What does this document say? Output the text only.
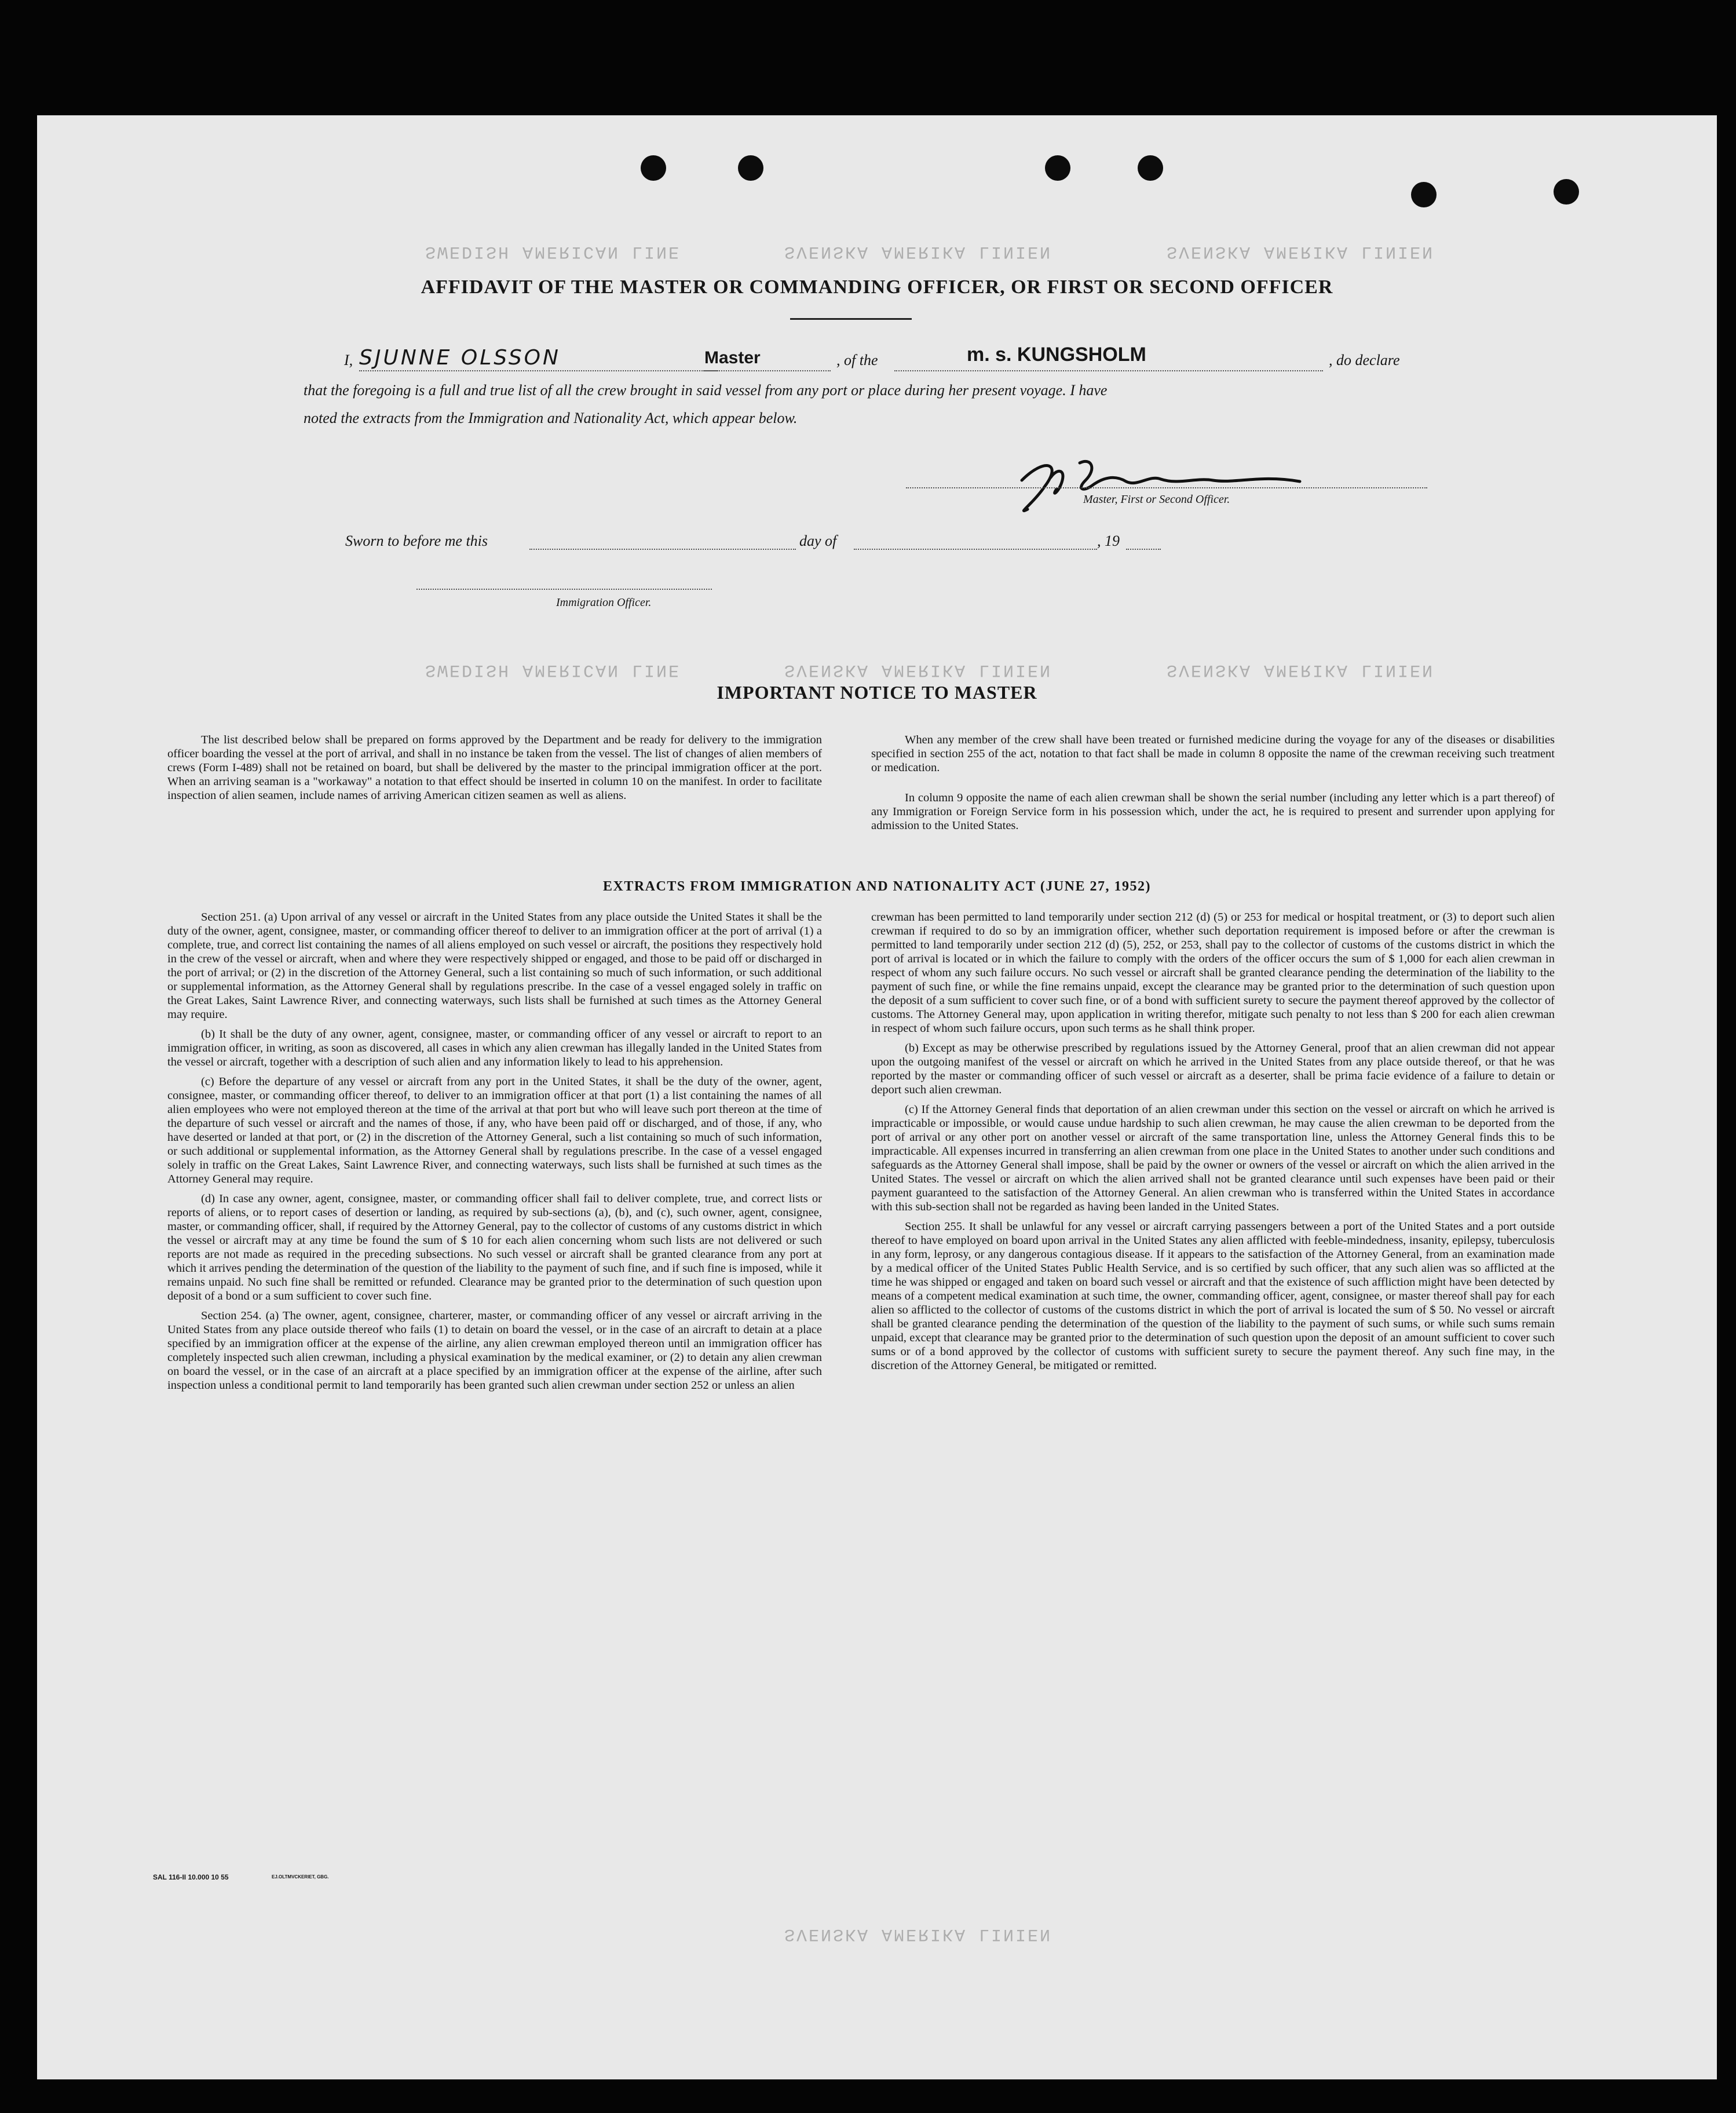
SWEDISH AMERICAN LINE	SVENSKA AMERIKA LINIEN	SVENSKA AMERIKA LINIEN
SWEDISH AMERICAN LINE	SVENSKA AMERIKA LINIEN	SVENSKA AMERIKA LINIEN
SVENSKA AMERIKA LINIEN
AFFIDAVIT OF THE MASTER OR COMMANDING OFFICER, OR FIRST OR SECOND OFFICER
I, SJUNNE OLSSON	Master	, of the	m. s. KUNGSHOLM	, do declare
that the foregoing is a full and true list of all the crew brought in said vessel from any port or place during her present voyage. I have
noted the extracts from the Immigration and Nationality Act, which appear below.
Master, First or Second Officer.
Sworn to before me this	day of	, 19
Immigration Officer.
IMPORTANT NOTICE TO MASTER

The list described below shall be prepared on forms approved by the Department and be ready for delivery to the immigration officer boarding the vessel at the port of arrival, and shall in no instance be taken from the vessel. The list of changes of alien members of crews (Form I-489) shall not be retained on board, but shall be delivered by the master to the principal immigration officer at the port. When an arriving seaman is a "workaway" a notation to that effect should be inserted in column 10 on the manifest. In order to facilitate inspection of alien seamen, include names of arriving American citizen seamen as well as aliens.

When any member of the crew shall have been treated or furnished medicine during the voyage for any of the diseases or disabilities specified in section 255 of the act, notation to that fact shall be made in column 8 opposite the name of the crewman receiving such treatment or medication.

In column 9 opposite the name of each alien crewman shall be shown the serial number (including any letter which is a part thereof) of any Immigration or Foreign Service form in his possession which, under the act, he is required to present and surrender upon applying for admission to the United States.

EXTRACTS FROM IMMIGRATION AND NATIONALITY ACT (JUNE 27, 1952)

Section 251. (a) Upon arrival of any vessel or aircraft in the United States from any place outside the United States it shall be the duty of the owner, agent, consignee, master, or commanding officer thereof to deliver to an immigration officer at the port of arrival (1) a complete, true, and correct list containing the names of all aliens employed on such vessel or aircraft, the positions they respectively hold in the crew of the vessel or aircraft, when and where they were respectively shipped or engaged, and those to be paid off or discharged in the port of arrival; or (2) in the discretion of the Attorney General, such a list containing so much of such information, or such additional or supplemental information, as the Attorney General shall by regulations prescribe. In the case of a vessel engaged solely in traffic on the Great Lakes, Saint Lawrence River, and connecting waterways, such lists shall be furnished at such times as the Attorney General may require.

(b) It shall be the duty of any owner, agent, consignee, master, or commanding officer of any vessel or aircraft to report to an immigration officer, in writing, as soon as discovered, all cases in which any alien crewman has illegally landed in the United States from the vessel or aircraft, together with a description of such alien and any information likely to lead to his apprehension.

(c) Before the departure of any vessel or aircraft from any port in the United States, it shall be the duty of the owner, agent, consignee, master, or commanding officer thereof, to deliver to an immigration officer at that port (1) a list containing the names of all alien employees who were not employed thereon at the time of the arrival at that port but who will leave such port thereon at the time of the departure of such vessel or aircraft and the names of those, if any, who have been paid off or discharged, and of those, if any, who have deserted or landed at that port, or (2) in the discretion of the Attorney General, such a list containing so much of such information, or such additional or supplemental information, as the Attorney General shall by regulations prescribe. In the case of a vessel engaged solely in traffic on the Great Lakes, Saint Lawrence River, and connecting waterways, such lists shall be furnished at such times as the Attorney General may require.

(d) In case any owner, agent, consignee, master, or commanding officer shall fail to deliver complete, true, and correct lists or reports of aliens, or to report cases of desertion or landing, as required by sub-sections (a), (b), and (c), such owner, agent, consignee, master, or commanding officer, shall, if required by the Attorney General, pay to the collector of customs of any customs district in which the vessel or aircraft may at any time be found the sum of $ 10 for each alien concerning whom such lists are not delivered or such reports are not made as required in the preceding subsections. No such vessel or aircraft shall be granted clearance from any port at which it arrives pending the determination of the question of the liability to the payment of such fine, and if such fine is imposed, while it remains unpaid. No such fine shall be remitted or refunded. Clearance may be granted prior to the determination of such question upon deposit of a bond or a sum sufficient to cover such fine.

Section 254. (a) The owner, agent, consignee, charterer, master, or commanding officer of any vessel or aircraft arriving in the United States from any place outside thereof who fails (1) to detain on board the vessel, or in the case of an aircraft to detain at a place specified by an immigration officer at the expense of the airline, any alien crewman employed thereon until an immigration officer has completely inspected such alien crewman, including a physical examination by the medical examiner, or (2) to detain any alien crewman on board the vessel, or in the case of an aircraft at a place specified by an immigration officer at the expense of the airline, after such inspection unless a conditional permit to land temporarily has been granted such alien crewman under section 252 or unless an alien

crewman has been permitted to land temporarily under section 212 (d) (5) or 253 for medical or hospital treatment, or (3) to deport such alien crewman if required to do so by an immigration officer, whether such deportation requirement is imposed before or after the crewman is permitted to land temporarily under section 212 (d) (5), 252, or 253, shall pay to the collector of customs of the customs district in which the port of arrival is located or in which the failure to comply with the orders of the officer occurs the sum of $ 1,000 for each alien crewman in respect of whom any such failure occurs. No such vessel or aircraft shall be granted clearance pending the determination of the liability to the payment of such fine, or while the fine remains unpaid, except the clearance may be granted prior to the determination of such question upon the deposit of a sum sufficient to cover such fine, or of a bond with sufficient surety to secure the payment thereof approved by the collector of customs. The Attorney General may, upon application in writing therefor, mitigate such penalty to not less than $ 200 for each alien crewman in respect of whom such failure occurs, upon such terms as he shall think proper.

(b) Except as may be otherwise prescribed by regulations issued by the Attorney General, proof that an alien crewman did not appear upon the outgoing manifest of the vessel or aircraft on which he arrived in the United States from any place outside thereof, or that he was reported by the master or commanding officer of such vessel or aircraft as a deserter, shall be prima facie evidence of a failure to detain or deport such alien crewman.

(c) If the Attorney General finds that deportation of an alien crewman under this section on the vessel or aircraft on which he arrived is impracticable or impossible, or would cause undue hardship to such alien crewman, he may cause the alien crewman to be deported from the port of arrival or any other port on another vessel or aircraft of the same transportation line, unless the Attorney General finds this to be impracticable. All expenses incurred in transferring an alien crewman from one place in the United States to another under such conditions and safeguards as the Attorney General shall impose, shall be paid by the owner or owners of the vessel or aircraft on which the alien arrived in the United States. The vessel or aircraft on which the alien arrived shall not be granted clearance until such expenses have been paid or their payment guaranteed to the satisfaction of the Attorney General. An alien crewman who is transferred within the United States in accordance with this sub-section shall not be regarded as having been landed in the United States.

Section 255. It shall be unlawful for any vessel or aircraft carrying passengers between a port of the United States and a port outside thereof to have employed on board upon arrival in the United States any alien afflicted with feeble-mindedness, insanity, epilepsy, tuberculosis in any form, leprosy, or any dangerous contagious disease. If it appears to the satisfaction of the Attorney General, from an examination made by a medical officer of the United States Public Health Service, and is so certified by such officer, that any such alien was so afflicted at the time he was shipped or engaged and taken on board such vessel or aircraft and that the existence of such affliction might have been detected by means of a competent medical examination at such time, the owner, commanding officer, agent, consignee, or master thereof shall pay for each alien so afflicted to the collector of customs of the customs district in which the port of arrival is located the sum of $ 50. No vessel or aircraft shall be granted clearance pending the determination of the question of the liability to the payment of such sums, or while such sums remain unpaid, except that clearance may be granted prior to the determination of such question upon the deposit of an amount sufficient to cover such sums or of a bond approved by the collector of customs with sufficient surety to secure the payment thereof. Any such fine may, in the discretion of the Attorney General, be mitigated or remitted.

SAL 116-II 10.000 10 55	EJ.OLTMVCKERIET, GBG.
